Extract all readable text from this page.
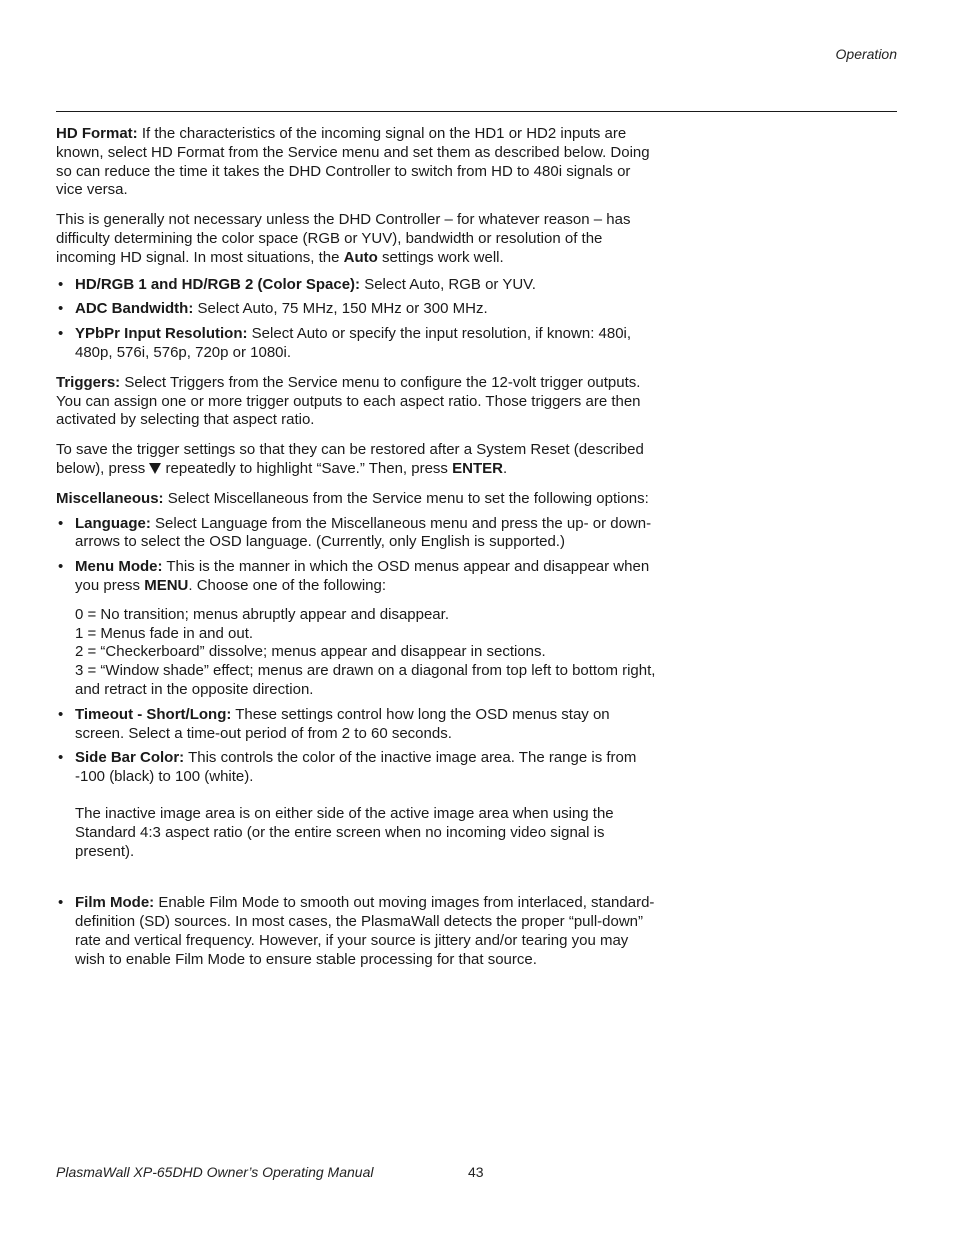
Operation

HD Format: If the characteristics of the incoming signal on the HD1 or HD2 inputs are known, select HD Format from the Service menu and set them as described below. Doing so can reduce the time it takes the DHD Controller to switch from HD to 480i signals or vice versa.

This is generally not necessary unless the DHD Controller – for whatever reason – has difficulty determining the color space (RGB or YUV), bandwidth or resolution of the incoming HD signal. In most situations, the Auto settings work well.

• HD/RGB 1 and HD/RGB 2 (Color Space): Select Auto, RGB or YUV.
• ADC Bandwidth: Select Auto, 75 MHz, 150 MHz or 300 MHz.
• YPbPr Input Resolution: Select Auto or specify the input resolution, if known: 480i, 480p, 576i, 576p, 720p or 1080i.

Triggers: Select Triggers from the Service menu to configure the 12-volt trigger outputs. You can assign one or more trigger outputs to each aspect ratio. Those triggers are then activated by selecting that aspect ratio.

To save the trigger settings so that they can be restored after a System Reset (described below), press  repeatedly to highlight “Save.” Then, press ENTER.

Miscellaneous: Select Miscellaneous from the Service menu to set the following options:

• Language: Select Language from the Miscellaneous menu and press the up- or down-arrows to select the OSD language. (Currently, only English is supported.)
• Menu Mode: This is the manner in which the OSD menus appear and disappear when you press MENU. Choose one of the following:
0 = No transition; menus abruptly appear and disappear.
1 = Menus fade in and out.
2 = “Checkerboard” dissolve; menus appear and disappear in sections.
3 = “Window shade” effect; menus are drawn on a diagonal from top left to bottom right, and retract in the opposite direction.
• Timeout - Short/Long: These settings control how long the OSD menus stay on screen. Select a time-out period of from 2 to 60 seconds.
• Side Bar Color: This controls the color of the inactive image area. The range is from -100 (black) to 100 (white).
The inactive image area is on either side of the active image area when using the Standard 4:3 aspect ratio (or the entire screen when no incoming video signal is present).
• Film Mode: Enable Film Mode to smooth out moving images from interlaced, standard-definition (SD) sources. In most cases, the PlasmaWall detects the proper “pull-down” rate and vertical frequency. However, if your source is jittery and/or tearing you may wish to enable Film Mode to ensure stable processing for that source.
PlasmaWall XP-65DHD Owner’s Operating Manual	43
